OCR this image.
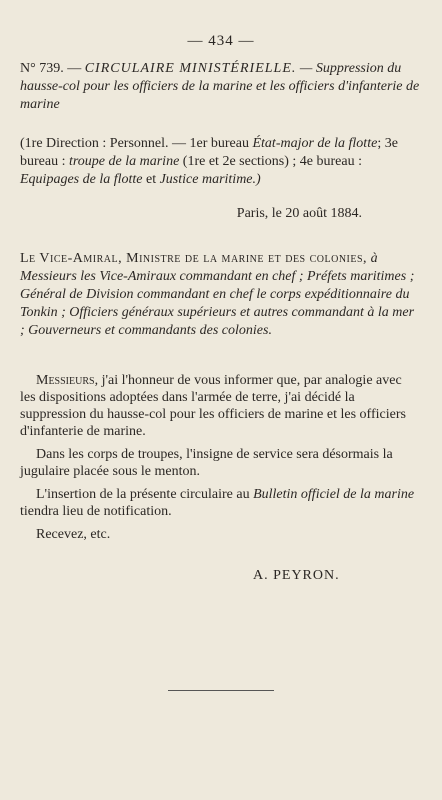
— 434 —
N° 739. — CIRCULAIRE MINISTÉRIELLE. — Suppression du hausse-col pour les officiers de la marine et les officiers d'infanterie de marine
(1re Direction : Personnel. — 1er bureau État-major de la flotte; 3e bureau : troupe de la marine (1re et 2e sections) ; 4e bureau : Equipages de la flotte et Justice maritime.)
Paris, le 20 août 1884.
Le Vice-Amiral, Ministre de la marine et des colonies, à Messieurs les Vice-Amiraux commandant en chef ; Préfets maritimes ; Général de Division commandant en chef le corps expéditionnaire du Tonkin ; Officiers généraux supérieurs et autres commandant à la mer ; Gouverneurs et commandants des colonies.

Messieurs, j'ai l'honneur de vous informer que, par analogie avec les dispositions adoptées dans l'armée de terre, j'ai décidé la suppression du hausse-col pour les officiers de marine et les officiers d'infanterie de marine.

Dans les corps de troupes, l'insigne de service sera désormais la jugulaire placée sous le menton.

L'insertion de la présente circulaire au Bulletin officiel de la marine tiendra lieu de notification.

Recevez, etc.

A. PEYRON.
